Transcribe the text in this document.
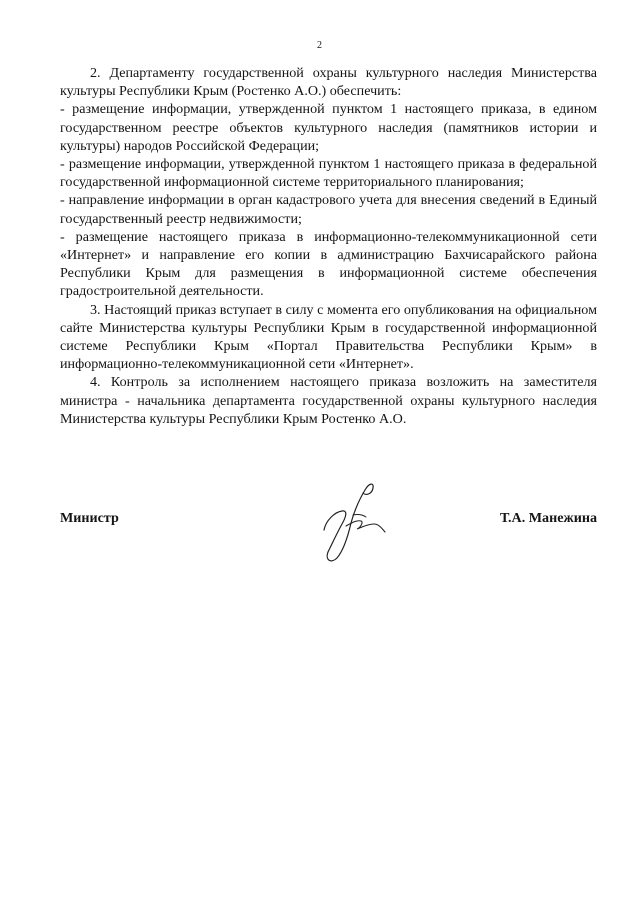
2

2. Департаменту государственной охраны культурного наследия Министерства культуры Республики Крым (Ростенко А.О.) обеспечить:

- размещение информации, утвержденной пунктом 1 настоящего приказа, в едином государственном реестре объектов культурного наследия (памятников истории и культуры) народов Российской Федерации;

- размещение информации, утвержденной пунктом 1 настоящего приказа в федеральной государственной информационной системе территориального планирования;

- направление информации в орган кадастрового учета для внесения сведений в Единый государственный реестр недвижимости;

- размещение настоящего приказа в информационно-телекоммуникационной сети «Интернет» и направление его копии в администрацию Бахчисарайского района Республики Крым для размещения в информационной системе обеспечения градостроительной деятельности.

3. Настоящий приказ вступает в силу с момента его опубликования на официальном сайте Министерства культуры Республики Крым в государственной информационной системе Республики Крым «Портал Правительства Республики Крым» в информационно-телекоммуникационной сети «Интернет».

4. Контроль за исполнением настоящего приказа возложить на заместителя министра - начальника департамента государственной охраны культурного наследия Министерства культуры Республики Крым Ростенко А.О.

Министр	Т.А. Манежина
